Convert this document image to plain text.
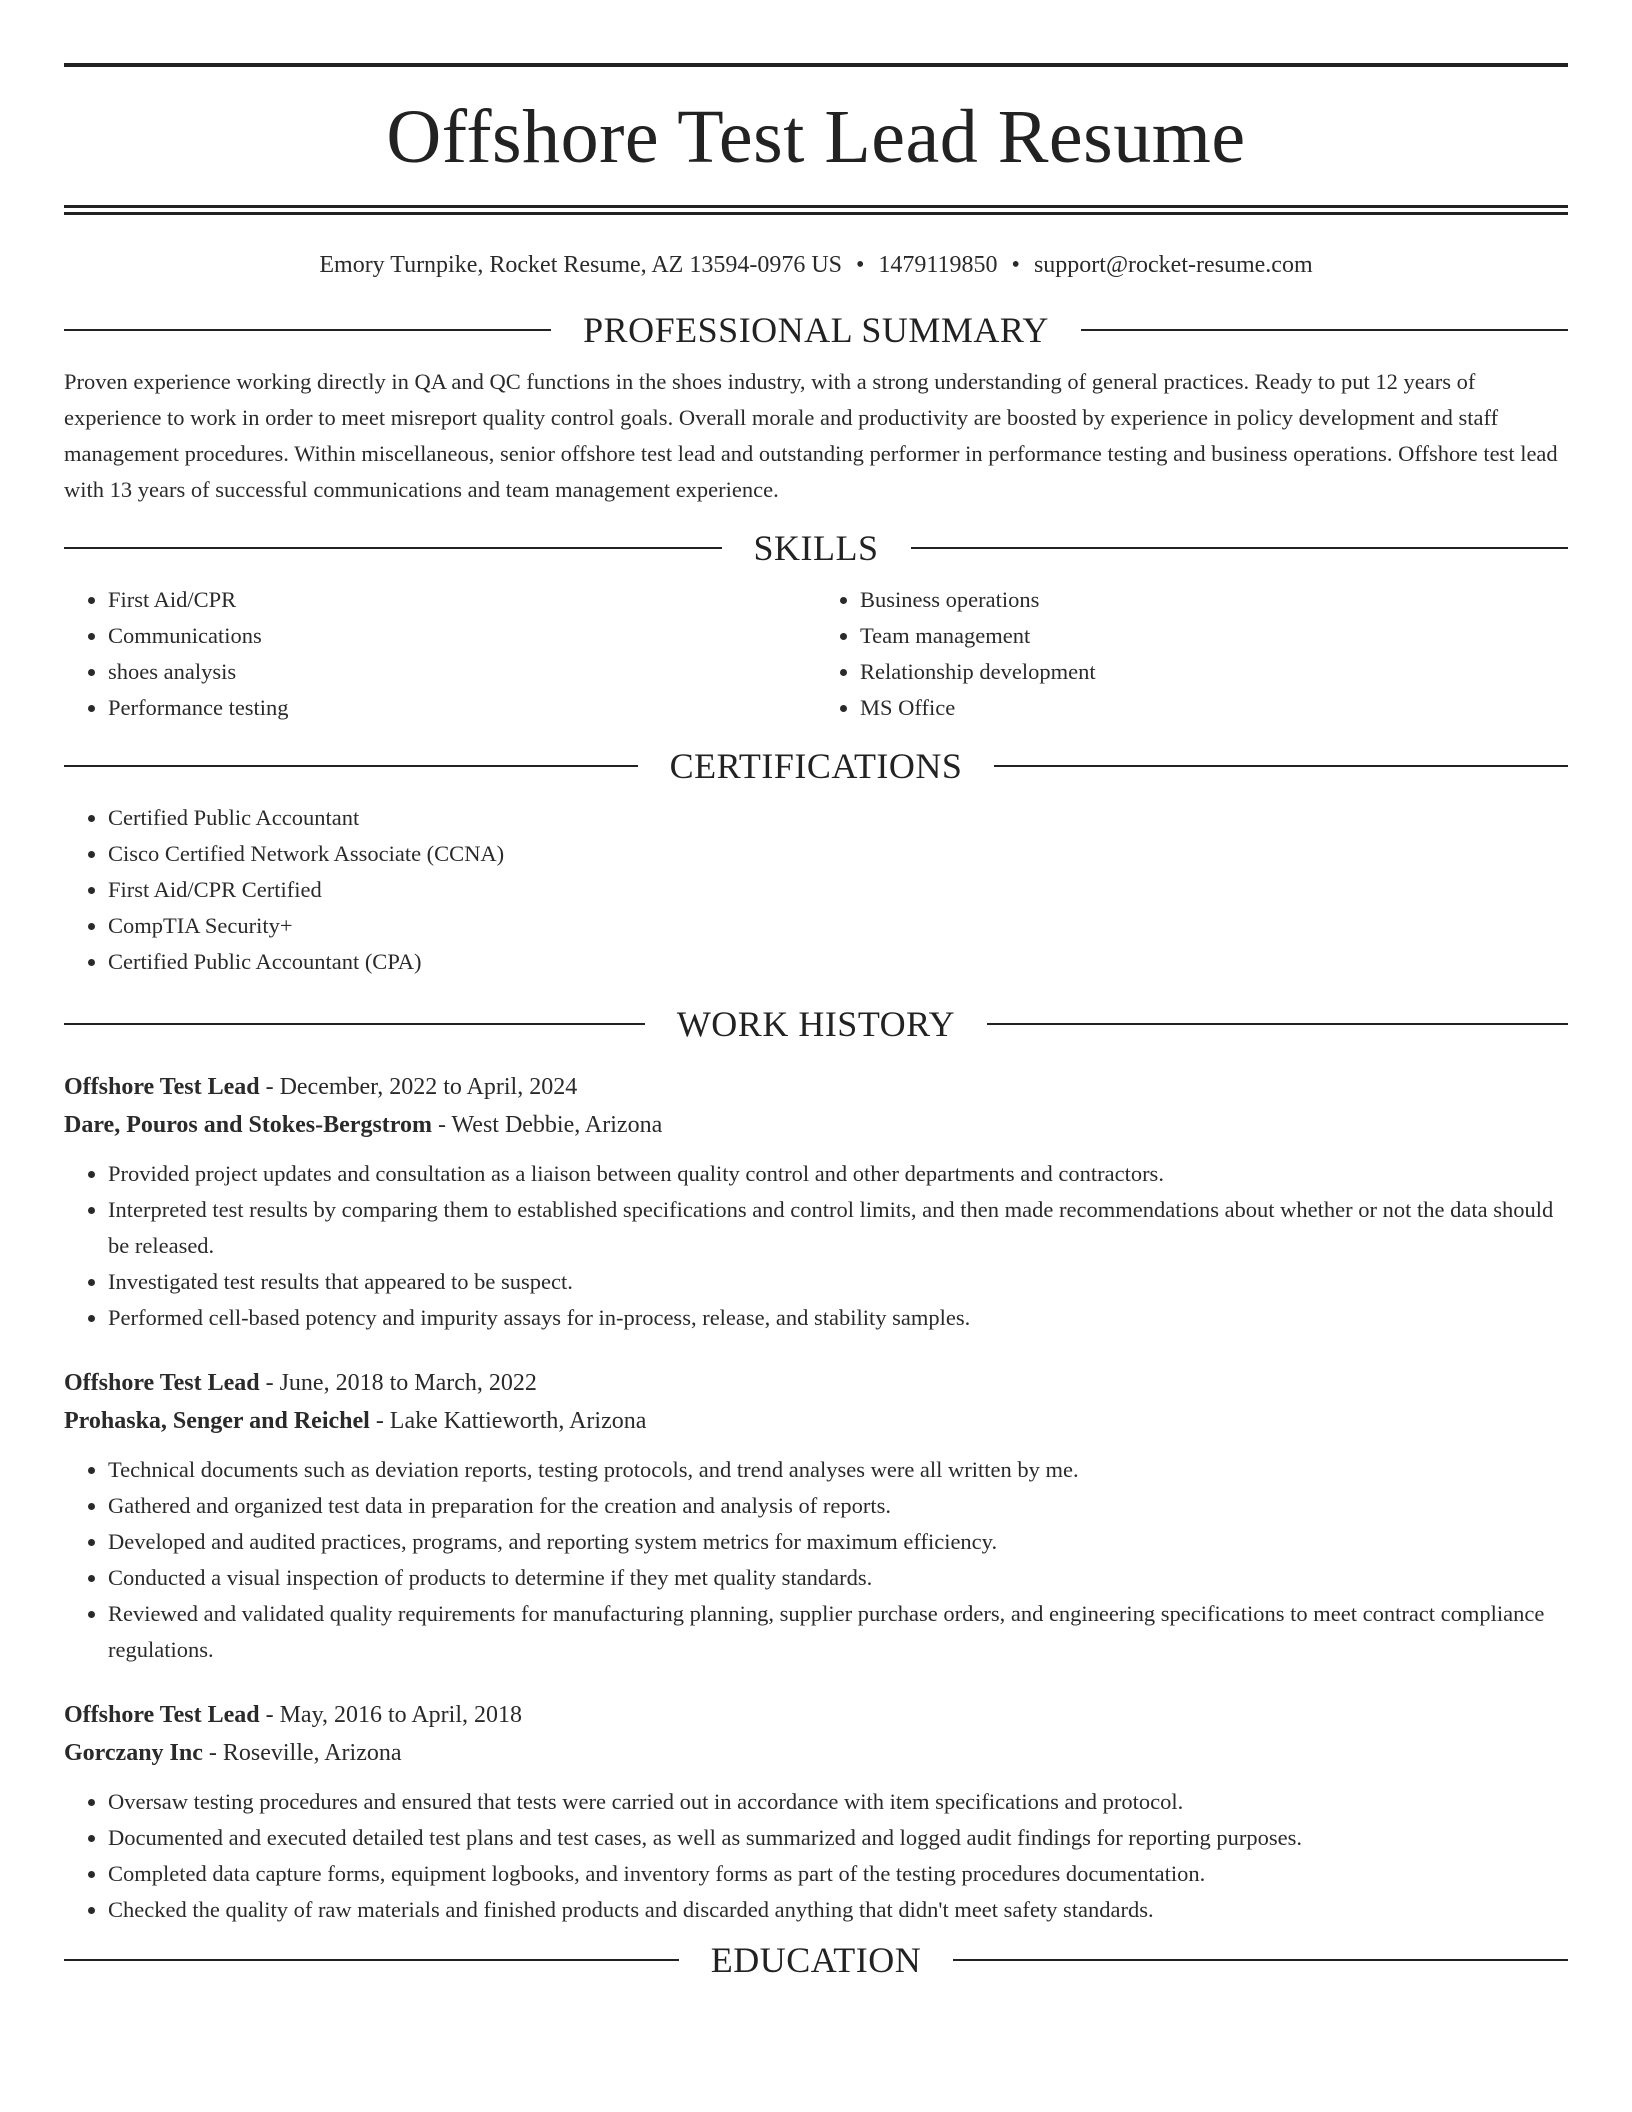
Offshore Test Lead Resume
Emory Turnpike, Rocket Resume, AZ 13594-0976 US • 1479119850 • support@rocket-resume.com
PROFESSIONAL SUMMARY

Proven experience working directly in QA and QC functions in the shoes industry, with a strong understanding of general practices. Ready to put 12 years of experience to work in order to meet misreport quality control goals. Overall morale and productivity are boosted by experience in policy development and staff management procedures. Within miscellaneous, senior offshore test lead and outstanding performer in performance testing and business operations. Offshore test lead with 13 years of successful communications and team management experience.

SKILLS
• First Aid/CPR
• Communications
• shoes analysis
• Performance testing
• Business operations
• Team management
• Relationship development
• MS Office
CERTIFICATIONS
• Certified Public Accountant
• Cisco Certified Network Associate (CCNA)
• First Aid/CPR Certified
• CompTIA Security+
• Certified Public Accountant (CPA)
WORK HISTORY
Offshore Test Lead - December, 2022 to April, 2024
Dare, Pouros and Stokes-Bergstrom - West Debbie, Arizona
• Provided project updates and consultation as a liaison between quality control and other departments and contractors.
• Interpreted test results by comparing them to established specifications and control limits, and then made recommendations about whether or not the data should be released.
• Investigated test results that appeared to be suspect.
• Performed cell-based potency and impurity assays for in-process, release, and stability samples.
Offshore Test Lead - June, 2018 to March, 2022
Prohaska, Senger and Reichel - Lake Kattieworth, Arizona
• Technical documents such as deviation reports, testing protocols, and trend analyses were all written by me.
• Gathered and organized test data in preparation for the creation and analysis of reports.
• Developed and audited practices, programs, and reporting system metrics for maximum efficiency.
• Conducted a visual inspection of products to determine if they met quality standards.
• Reviewed and validated quality requirements for manufacturing planning, supplier purchase orders, and engineering specifications to meet contract compliance regulations.
Offshore Test Lead - May, 2016 to April, 2018
Gorczany Inc - Roseville, Arizona
• Oversaw testing procedures and ensured that tests were carried out in accordance with item specifications and protocol.
• Documented and executed detailed test plans and test cases, as well as summarized and logged audit findings for reporting purposes.
• Completed data capture forms, equipment logbooks, and inventory forms as part of the testing procedures documentation.
• Checked the quality of raw materials and finished products and discarded anything that didn't meet safety standards.
EDUCATION
